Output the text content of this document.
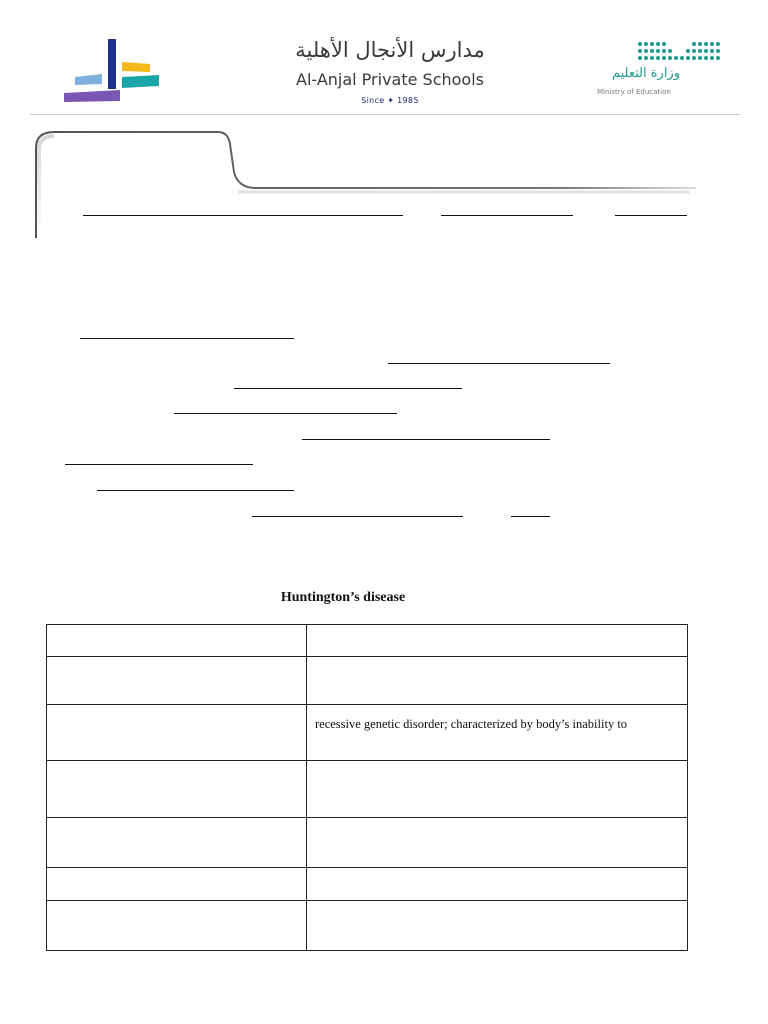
مدارس الأنجال الأهلية
Al-Anjal Private Schools
Since ✦ 1985
وزارة التعليم
Ministry of Education
Huntington’s disease

	recessive genetic disorder; characterized by body’s inability to
